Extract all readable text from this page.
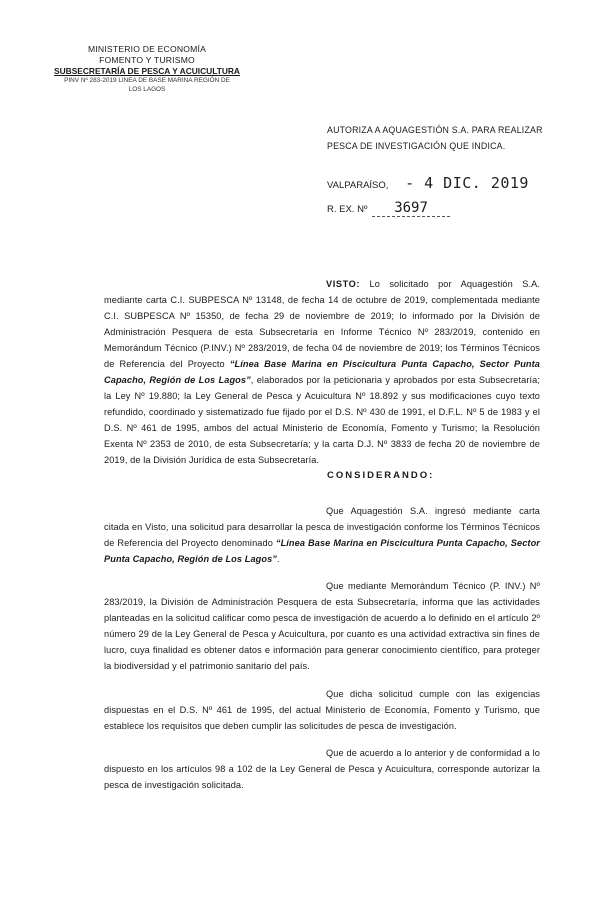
MINISTERIO DE ECONOMÍA
FOMENTO Y TURISMO
SUBSECRETARÍA DE PESCA Y ACUICULTURA
PINV Nº 283-2019 LINEA DE BASE MARINA REGIÓN DE
LOS LAGOS
AUTORIZA A AQUAGESTIÓN S.A. PARA REALIZAR
PESCA DE INVESTIGACIÓN QUE INDICA.
VALPARAÍSO, - 4 DIC. 2019
R. EX. Nº 3697
VISTO: Lo solicitado por Aquagestión S.A. mediante carta C.I. SUBPESCA Nº 13148, de fecha 14 de octubre de 2019, complementada mediante C.I. SUBPESCA Nº 15350, de fecha 29 de noviembre de 2019; lo informado por la División de Administración Pesquera de esta Subsecretaría en Informe Técnico Nº 283/2019, contenido en Memorándum Técnico (P.INV.) Nº 283/2019, de fecha 04 de noviembre de 2019; los Términos Técnicos de Referencia del Proyecto “Línea Base Marina en Piscicultura Punta Capacho, Sector Punta Capacho, Región de Los Lagos”, elaborados por la peticionaria y aprobados por esta Subsecretaría; la Ley Nº 19.880; la Ley General de Pesca y Acuicultura Nº 18.892 y sus modificaciones cuyo texto refundido, coordinado y sistematizado fue fijado por el D.S. Nº 430 de 1991, el D.F.L. Nº 5 de 1983 y el D.S. Nº 461 de 1995, ambos del actual Ministerio de Economía, Fomento y Turismo; la Resolución Exenta Nº 2353 de 2010, de esta Subsecretaría; y la carta D.J. Nº 3833 de fecha 20 de noviembre de 2019, de la División Jurídica de esta Subsecretaría.
CONSIDERANDO:
Que Aquagestión S.A. ingresó mediante carta citada en Visto, una solicitud para desarrollar la pesca de investigación conforme los Términos Técnicos de Referencia del Proyecto denominado “Línea Base Marina en Piscicultura Punta Capacho, Sector Punta Capacho, Región de Los Lagos”.
Que mediante Memorándum Técnico (P. INV.) Nº 283/2019, la División de Administración Pesquera de esta Subsecretaría, informa que las actividades planteadas en la solicitud calificar como pesca de investigación de acuerdo a lo definido en el artículo 2º número 29 de la Ley General de Pesca y Acuicultura, por cuanto es una actividad extractiva sin fines de lucro, cuya finalidad es obtener datos e información para generar conocimiento científico, para proteger la biodiversidad y el patrimonio sanitario del país.
Que dicha solicitud cumple con las exigencias dispuestas en el D.S. Nº 461 de 1995, del actual Ministerio de Economía, Fomento y Turismo, que establece los requisitos que deben cumplir las solicitudes de pesca de investigación.
Que de acuerdo a lo anterior y de conformidad a lo dispuesto en los artículos 98 a 102 de la Ley General de Pesca y Acuicultura, corresponde autorizar la pesca de investigación solicitada.
